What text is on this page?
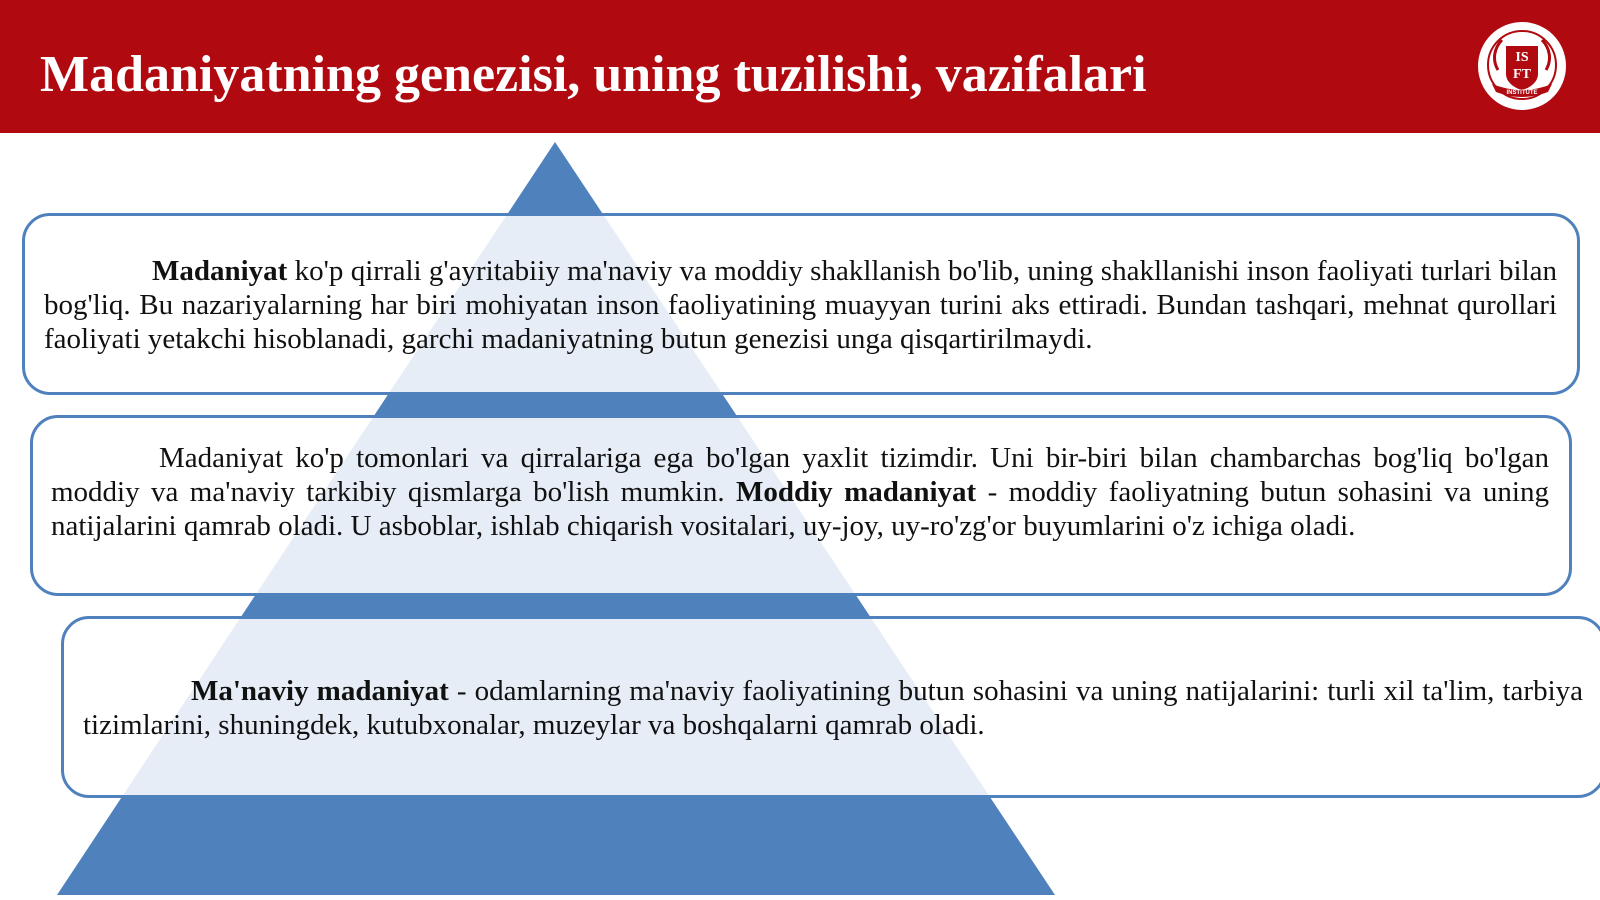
Madaniyatning genezisi, uning tuzilishi, vazifalari	IS
FT
INSTITUTE

Madaniyat ko'p qirrali g'ayritabiiy ma'naviy va moddiy shakllanish bo'lib, uning shakllanishi inson faoliyati turlari bilan bog'liq. Bu nazariyalarning har biri mohiyatan inson faoliyatining muayyan turini aks ettiradi. Bundan tashqari, mehnat qurollari faoliyati yetakchi hisoblanadi, garchi madaniyatning butun genezisi unga qisqartirilmaydi.

Madaniyat ko'p tomonlari va qirralariga ega bo'lgan yaxlit tizimdir. Uni bir-biri bilan chambarchas bog'liq bo'lgan moddiy va ma'naviy tarkibiy qismlarga bo'lish mumkin. Moddiy madaniyat - moddiy faoliyatning butun sohasini va uning natijalarini qamrab oladi. U asboblar, ishlab chiqarish vositalari, uy-joy, uy-ro'zg'or buyumlarini o'z ichiga oladi.

Ma'naviy madaniyat - odamlarning ma'naviy faoliyatining butun sohasini va uning natijalarini: turli xil ta'lim, tarbiya tizimlarini, shuningdek, kutubxonalar, muzeylar va boshqalarni qamrab oladi.
